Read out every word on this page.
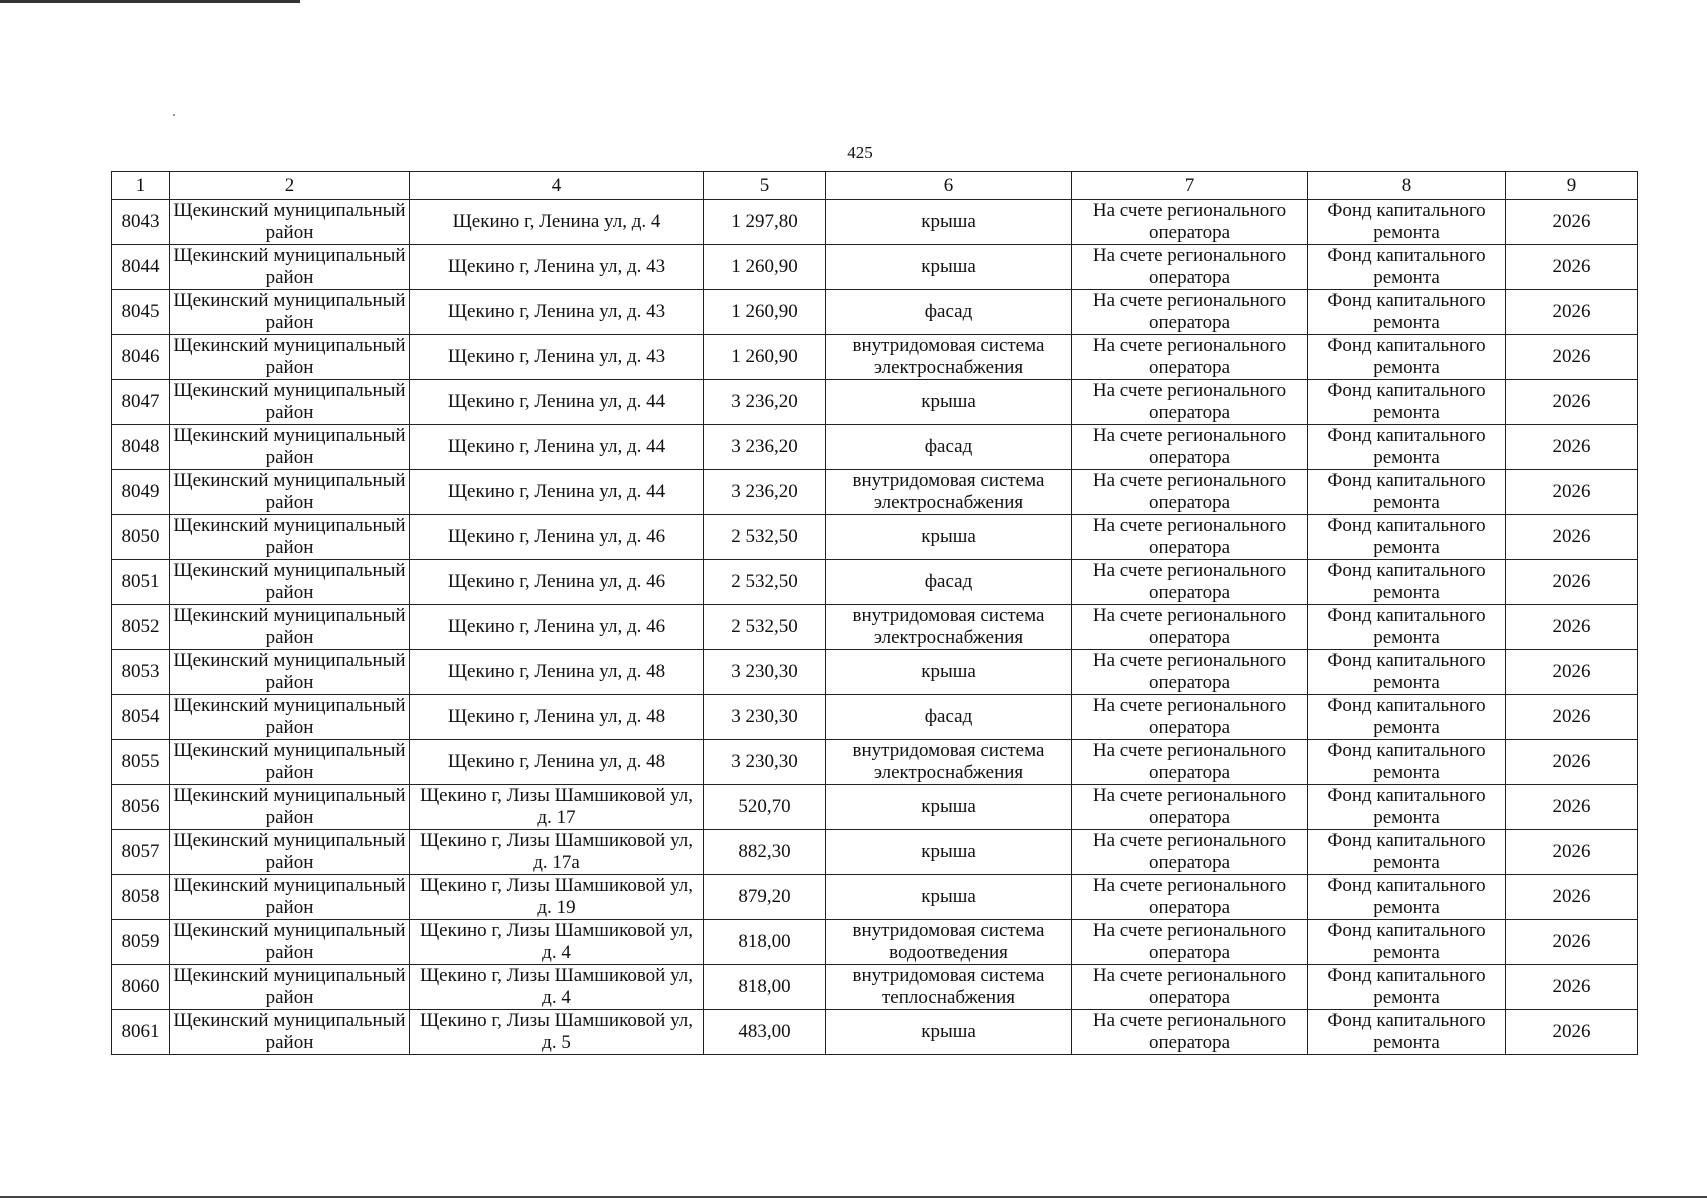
425
1	2	4	5	6	7	8	9
8043	Щекинский муниципальный район	Щекино г, Ленина ул, д. 4	1 297,80	крыша	На счете регионального оператора	Фонд капитального ремонта	2026
8044	Щекинский муниципальный район	Щекино г, Ленина ул, д. 43	1 260,90	крыша	На счете регионального оператора	Фонд капитального ремонта	2026
8045	Щекинский муниципальный район	Щекино г, Ленина ул, д. 43	1 260,90	фасад	На счете регионального оператора	Фонд капитального ремонта	2026
8046	Щекинский муниципальный район	Щекино г, Ленина ул, д. 43	1 260,90	внутридомовая система электроснабжения	На счете регионального оператора	Фонд капитального ремонта	2026
8047	Щекинский муниципальный район	Щекино г, Ленина ул, д. 44	3 236,20	крыша	На счете регионального оператора	Фонд капитального ремонта	2026
8048	Щекинский муниципальный район	Щекино г, Ленина ул, д. 44	3 236,20	фасад	На счете регионального оператора	Фонд капитального ремонта	2026
8049	Щекинский муниципальный район	Щекино г, Ленина ул, д. 44	3 236,20	внутридомовая система электроснабжения	На счете регионального оператора	Фонд капитального ремонта	2026
8050	Щекинский муниципальный район	Щекино г, Ленина ул, д. 46	2 532,50	крыша	На счете регионального оператора	Фонд капитального ремонта	2026
8051	Щекинский муниципальный район	Щекино г, Ленина ул, д. 46	2 532,50	фасад	На счете регионального оператора	Фонд капитального ремонта	2026
8052	Щекинский муниципальный район	Щекино г, Ленина ул, д. 46	2 532,50	внутридомовая система электроснабжения	На счете регионального оператора	Фонд капитального ремонта	2026
8053	Щекинский муниципальный район	Щекино г, Ленина ул, д. 48	3 230,30	крыша	На счете регионального оператора	Фонд капитального ремонта	2026
8054	Щекинский муниципальный район	Щекино г, Ленина ул, д. 48	3 230,30	фасад	На счете регионального оператора	Фонд капитального ремонта	2026
8055	Щекинский муниципальный район	Щекино г, Ленина ул, д. 48	3 230,30	внутридомовая система электроснабжения	На счете регионального оператора	Фонд капитального ремонта	2026
8056	Щекинский муниципальный район	Щекино г, Лизы Шамшиковой ул, д. 17	520,70	крыша	На счете регионального оператора	Фонд капитального ремонта	2026
8057	Щекинский муниципальный район	Щекино г, Лизы Шамшиковой ул, д. 17а	882,30	крыша	На счете регионального оператора	Фонд капитального ремонта	2026
8058	Щекинский муниципальный район	Щекино г, Лизы Шамшиковой ул, д. 19	879,20	крыша	На счете регионального оператора	Фонд капитального ремонта	2026
8059	Щекинский муниципальный район	Щекино г, Лизы Шамшиковой ул, д. 4	818,00	внутридомовая система водоотведения	На счете регионального оператора	Фонд капитального ремонта	2026
8060	Щекинский муниципальный район	Щекино г, Лизы Шамшиковой ул, д. 4	818,00	внутридомовая система теплоснабжения	На счете регионального оператора	Фонд капитального ремонта	2026
8061	Щекинский муниципальный район	Щекино г, Лизы Шамшиковой ул, д. 5	483,00	крыша	На счете регионального оператора	Фонд капитального ремонта	2026
